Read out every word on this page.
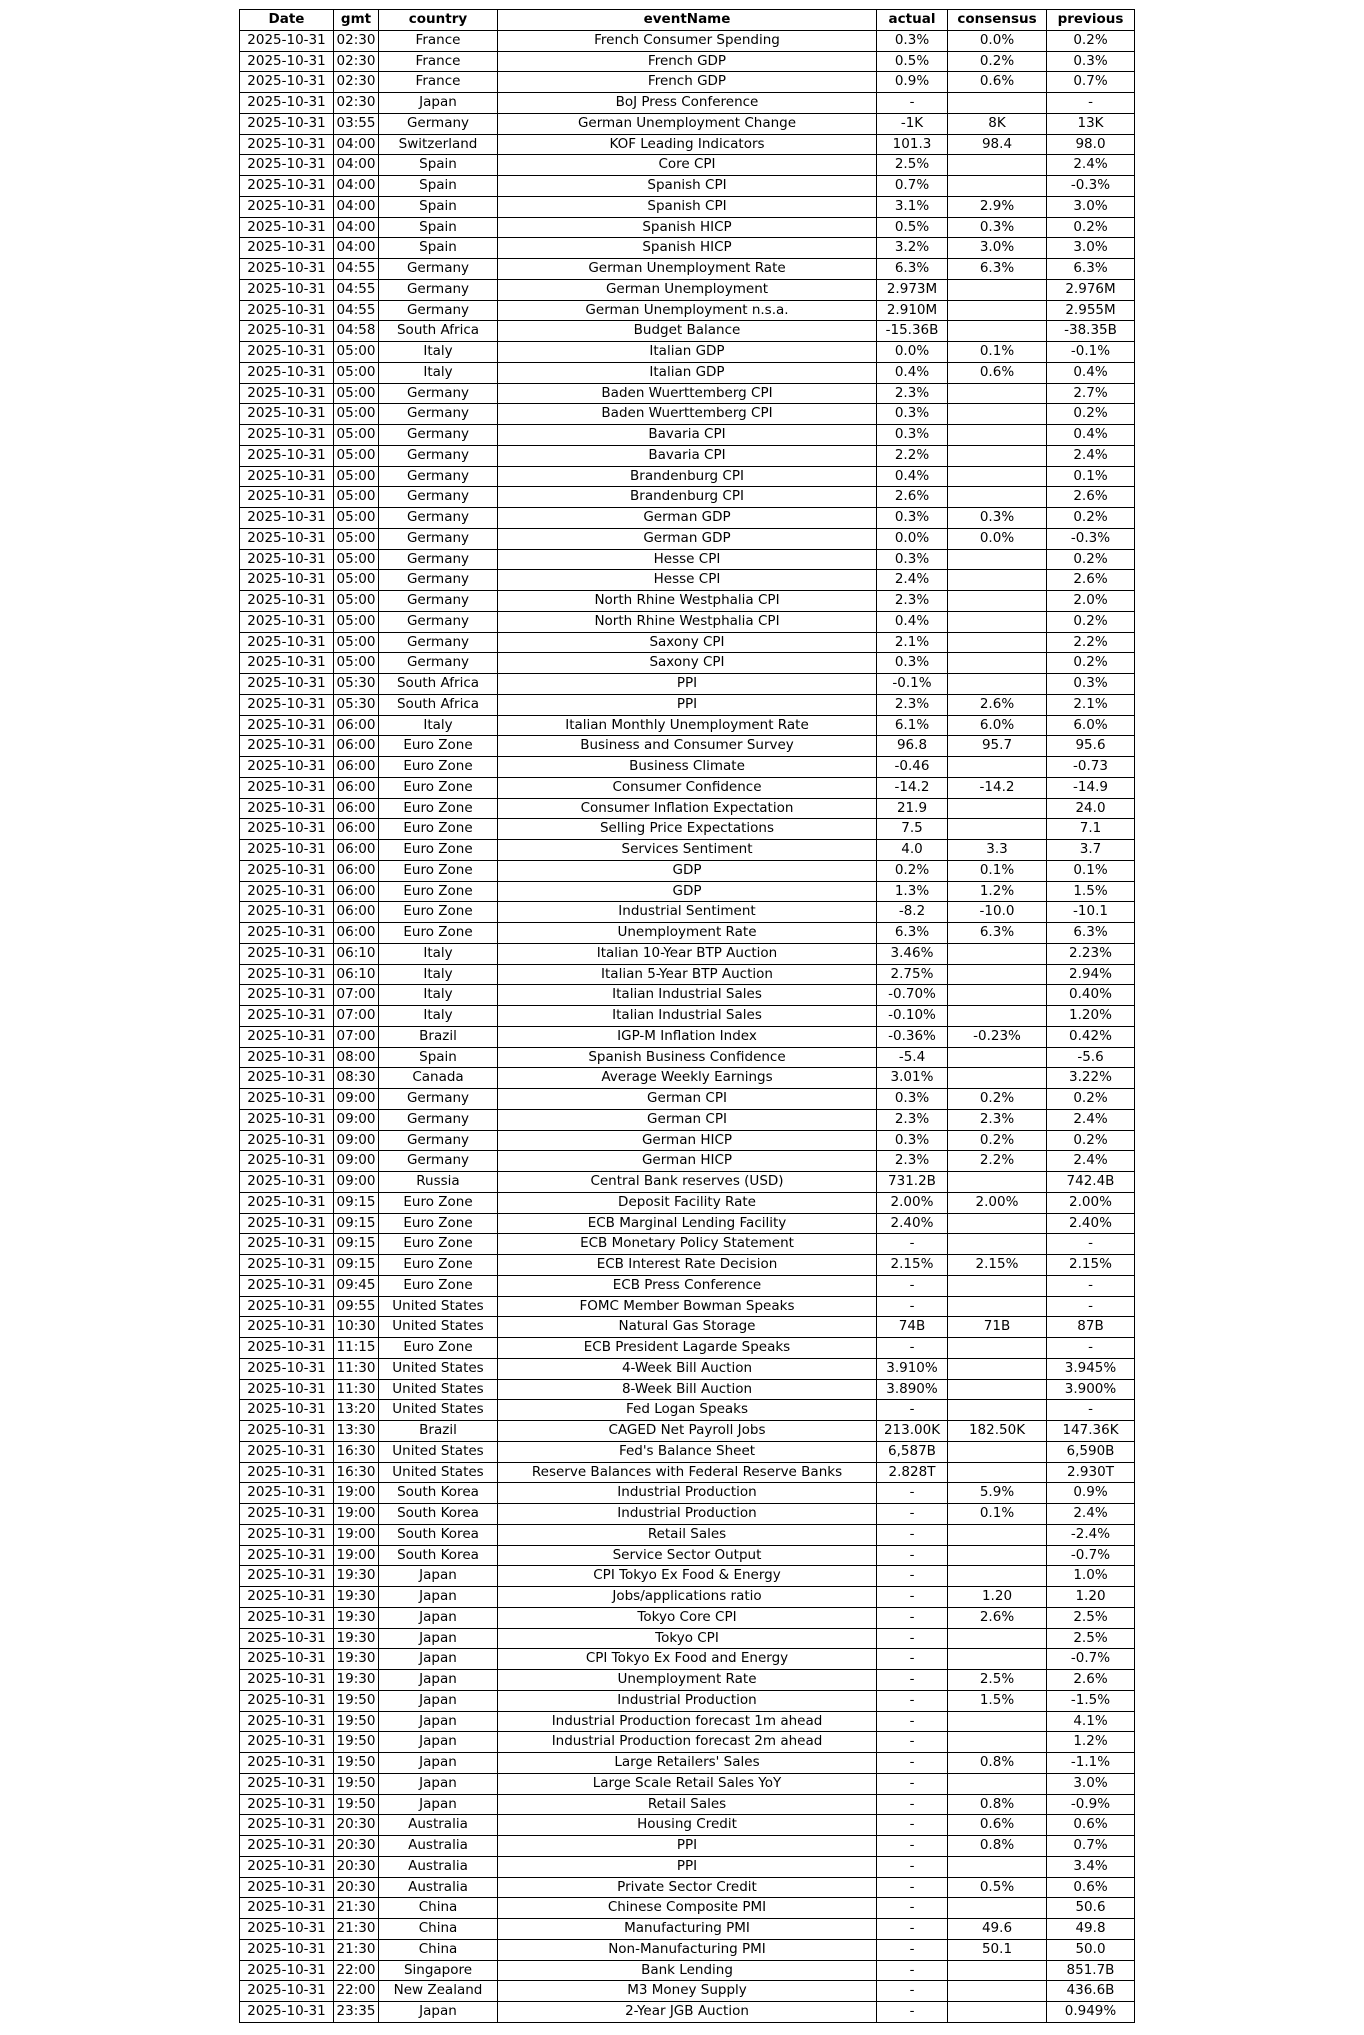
Date	gmt	country	eventName	actual	consensus	previous
2025-10-31	02:30	France	French Consumer Spending	0.3%	0.0%	0.2%
2025-10-31	02:30	France	French GDP	0.5%	0.2%	0.3%
2025-10-31	02:30	France	French GDP	0.9%	0.6%	0.7%
2025-10-31	02:30	Japan	BoJ Press Conference	-		-
2025-10-31	03:55	Germany	German Unemployment Change	-1K	8K	13K
2025-10-31	04:00	Switzerland	KOF Leading Indicators	101.3	98.4	98.0
2025-10-31	04:00	Spain	Core CPI	2.5%		2.4%
2025-10-31	04:00	Spain	Spanish CPI	0.7%		-0.3%
2025-10-31	04:00	Spain	Spanish CPI	3.1%	2.9%	3.0%
2025-10-31	04:00	Spain	Spanish HICP	0.5%	0.3%	0.2%
2025-10-31	04:00	Spain	Spanish HICP	3.2%	3.0%	3.0%
2025-10-31	04:55	Germany	German Unemployment Rate	6.3%	6.3%	6.3%
2025-10-31	04:55	Germany	German Unemployment	2.973M		2.976M
2025-10-31	04:55	Germany	German Unemployment n.s.a.	2.910M		2.955M
2025-10-31	04:58	South Africa	Budget Balance	-15.36B		-38.35B
2025-10-31	05:00	Italy	Italian GDP	0.0%	0.1%	-0.1%
2025-10-31	05:00	Italy	Italian GDP	0.4%	0.6%	0.4%
2025-10-31	05:00	Germany	Baden Wuerttemberg CPI	2.3%		2.7%
2025-10-31	05:00	Germany	Baden Wuerttemberg CPI	0.3%		0.2%
2025-10-31	05:00	Germany	Bavaria CPI	0.3%		0.4%
2025-10-31	05:00	Germany	Bavaria CPI	2.2%		2.4%
2025-10-31	05:00	Germany	Brandenburg CPI	0.4%		0.1%
2025-10-31	05:00	Germany	Brandenburg CPI	2.6%		2.6%
2025-10-31	05:00	Germany	German GDP	0.3%	0.3%	0.2%
2025-10-31	05:00	Germany	German GDP	0.0%	0.0%	-0.3%
2025-10-31	05:00	Germany	Hesse CPI	0.3%		0.2%
2025-10-31	05:00	Germany	Hesse CPI	2.4%		2.6%
2025-10-31	05:00	Germany	North Rhine Westphalia CPI	2.3%		2.0%
2025-10-31	05:00	Germany	North Rhine Westphalia CPI	0.4%		0.2%
2025-10-31	05:00	Germany	Saxony CPI	2.1%		2.2%
2025-10-31	05:00	Germany	Saxony CPI	0.3%		0.2%
2025-10-31	05:30	South Africa	PPI	-0.1%		0.3%
2025-10-31	05:30	South Africa	PPI	2.3%	2.6%	2.1%
2025-10-31	06:00	Italy	Italian Monthly Unemployment Rate	6.1%	6.0%	6.0%
2025-10-31	06:00	Euro Zone	Business and Consumer Survey	96.8	95.7	95.6
2025-10-31	06:00	Euro Zone	Business Climate	-0.46		-0.73
2025-10-31	06:00	Euro Zone	Consumer Confidence	-14.2	-14.2	-14.9
2025-10-31	06:00	Euro Zone	Consumer Inflation Expectation	21.9		24.0
2025-10-31	06:00	Euro Zone	Selling Price Expectations	7.5		7.1
2025-10-31	06:00	Euro Zone	Services Sentiment	4.0	3.3	3.7
2025-10-31	06:00	Euro Zone	GDP	0.2%	0.1%	0.1%
2025-10-31	06:00	Euro Zone	GDP	1.3%	1.2%	1.5%
2025-10-31	06:00	Euro Zone	Industrial Sentiment	-8.2	-10.0	-10.1
2025-10-31	06:00	Euro Zone	Unemployment Rate	6.3%	6.3%	6.3%
2025-10-31	06:10	Italy	Italian 10-Year BTP Auction	3.46%		2.23%
2025-10-31	06:10	Italy	Italian 5-Year BTP Auction	2.75%		2.94%
2025-10-31	07:00	Italy	Italian Industrial Sales	-0.70%		0.40%
2025-10-31	07:00	Italy	Italian Industrial Sales	-0.10%		1.20%
2025-10-31	07:00	Brazil	IGP-M Inflation Index	-0.36%	-0.23%	0.42%
2025-10-31	08:00	Spain	Spanish Business Confidence	-5.4		-5.6
2025-10-31	08:30	Canada	Average Weekly Earnings	3.01%		3.22%
2025-10-31	09:00	Germany	German CPI	0.3%	0.2%	0.2%
2025-10-31	09:00	Germany	German CPI	2.3%	2.3%	2.4%
2025-10-31	09:00	Germany	German HICP	0.3%	0.2%	0.2%
2025-10-31	09:00	Germany	German HICP	2.3%	2.2%	2.4%
2025-10-31	09:00	Russia	Central Bank reserves (USD)	731.2B		742.4B
2025-10-31	09:15	Euro Zone	Deposit Facility Rate	2.00%	2.00%	2.00%
2025-10-31	09:15	Euro Zone	ECB Marginal Lending Facility	2.40%		2.40%
2025-10-31	09:15	Euro Zone	ECB Monetary Policy Statement	-		-
2025-10-31	09:15	Euro Zone	ECB Interest Rate Decision	2.15%	2.15%	2.15%
2025-10-31	09:45	Euro Zone	ECB Press Conference	-		-
2025-10-31	09:55	United States	FOMC Member Bowman Speaks	-		-
2025-10-31	10:30	United States	Natural Gas Storage	74B	71B	87B
2025-10-31	11:15	Euro Zone	ECB President Lagarde Speaks	-		-
2025-10-31	11:30	United States	4-Week Bill Auction	3.910%		3.945%
2025-10-31	11:30	United States	8-Week Bill Auction	3.890%		3.900%
2025-10-31	13:20	United States	Fed Logan Speaks	-		-
2025-10-31	13:30	Brazil	CAGED Net Payroll Jobs	213.00K	182.50K	147.36K
2025-10-31	16:30	United States	Fed's Balance Sheet	6,587B		6,590B
2025-10-31	16:30	United States	Reserve Balances with Federal Reserve Banks	2.828T		2.930T
2025-10-31	19:00	South Korea	Industrial Production	-	5.9%	0.9%
2025-10-31	19:00	South Korea	Industrial Production	-	0.1%	2.4%
2025-10-31	19:00	South Korea	Retail Sales	-		-2.4%
2025-10-31	19:00	South Korea	Service Sector Output	-		-0.7%
2025-10-31	19:30	Japan	CPI Tokyo Ex Food & Energy	-		1.0%
2025-10-31	19:30	Japan	Jobs/applications ratio	-	1.20	1.20
2025-10-31	19:30	Japan	Tokyo Core CPI	-	2.6%	2.5%
2025-10-31	19:30	Japan	Tokyo CPI	-		2.5%
2025-10-31	19:30	Japan	CPI Tokyo Ex Food and Energy	-		-0.7%
2025-10-31	19:30	Japan	Unemployment Rate	-	2.5%	2.6%
2025-10-31	19:50	Japan	Industrial Production	-	1.5%	-1.5%
2025-10-31	19:50	Japan	Industrial Production forecast 1m ahead	-		4.1%
2025-10-31	19:50	Japan	Industrial Production forecast 2m ahead	-		1.2%
2025-10-31	19:50	Japan	Large Retailers' Sales	-	0.8%	-1.1%
2025-10-31	19:50	Japan	Large Scale Retail Sales YoY	-		3.0%
2025-10-31	19:50	Japan	Retail Sales	-	0.8%	-0.9%
2025-10-31	20:30	Australia	Housing Credit	-	0.6%	0.6%
2025-10-31	20:30	Australia	PPI	-	0.8%	0.7%
2025-10-31	20:30	Australia	PPI	-		3.4%
2025-10-31	20:30	Australia	Private Sector Credit	-	0.5%	0.6%
2025-10-31	21:30	China	Chinese Composite PMI	-		50.6
2025-10-31	21:30	China	Manufacturing PMI	-	49.6	49.8
2025-10-31	21:30	China	Non-Manufacturing PMI	-	50.1	50.0
2025-10-31	22:00	Singapore	Bank Lending	-		851.7B
2025-10-31	22:00	New Zealand	M3 Money Supply	-		436.6B
2025-10-31	23:35	Japan	2-Year JGB Auction	-		0.949%
